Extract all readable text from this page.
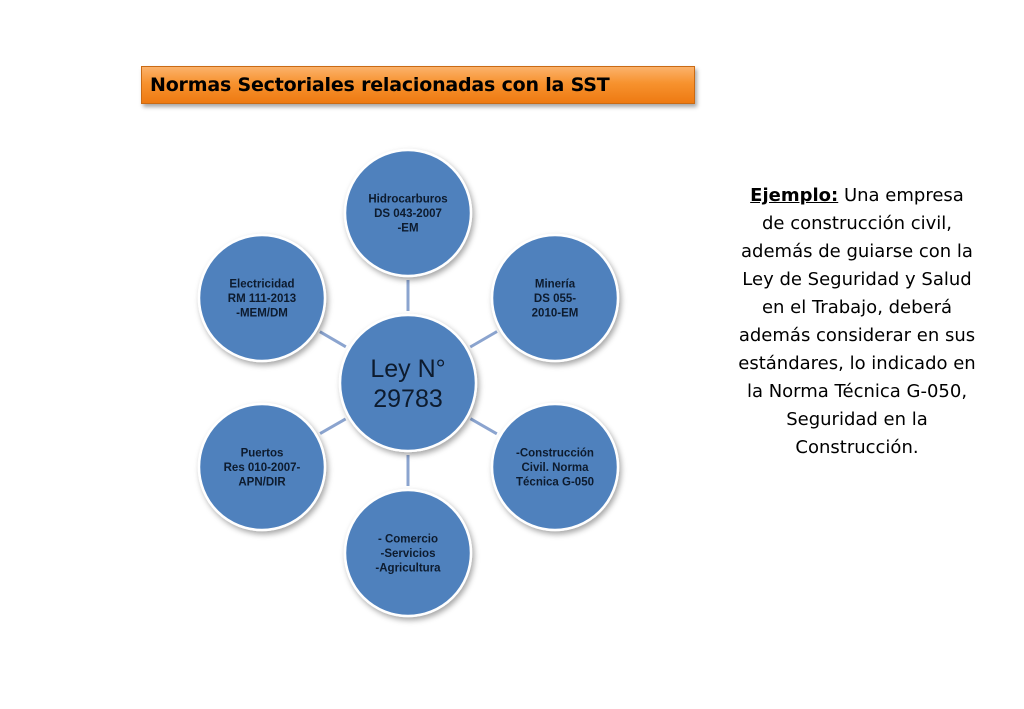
Normas Sectoriales relacionadas con la SST
Hidrocarburos
DS 043-2007
-EM
Minería
DS 055-
2010-EM
-Construcción
Civil. Norma
Técnica G-050
- Comercio
-Servicios
-Agricultura
Puertos
Res 010-2007-
APN/DIR
Electricidad
RM 111-2013
-MEM/DM
Ley N°
29783
Ejemplo: Una empresa de construcción civil, además de guiarse con la Ley de Seguridad y Salud en el Trabajo, deberá además considerar en sus estándares, lo indicado en la Norma Técnica G-050, Seguridad en la Construcción.
